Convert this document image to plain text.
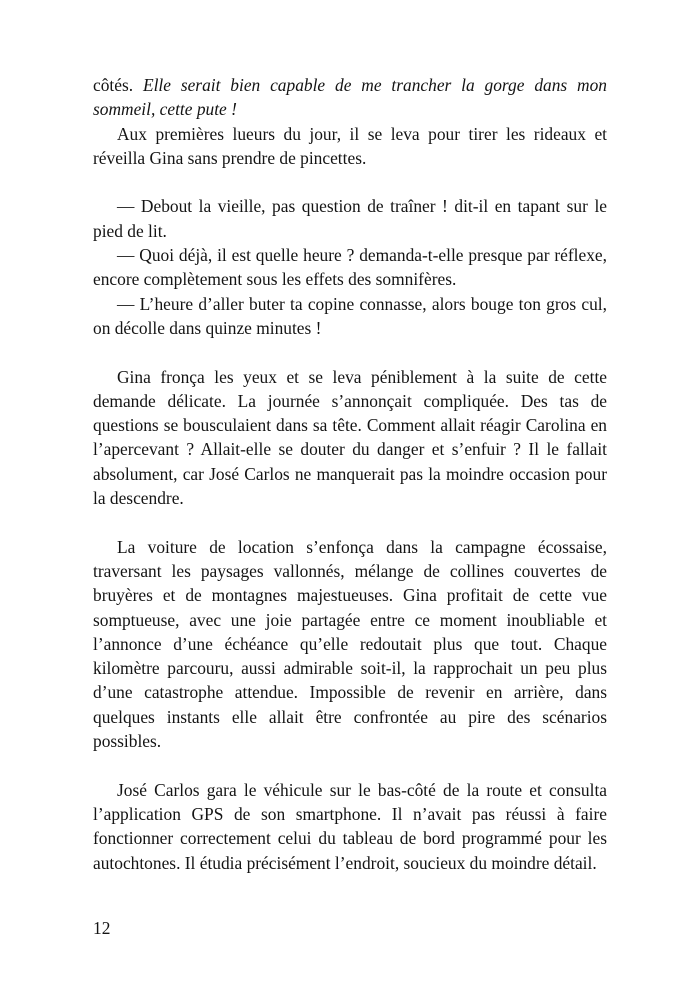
côtés. Elle serait bien capable de me trancher la gorge dans mon sommeil, cette pute !

Aux premières lueurs du jour, il se leva pour tirer les rideaux et réveilla Gina sans prendre de pincettes.

— Debout la vieille, pas question de traîner ! dit-il en tapant sur le pied de lit.

— Quoi déjà, il est quelle heure ? demanda-t-elle presque par réflexe, encore complètement sous les effets des somnifères.

— L’heure d’aller buter ta copine connasse, alors bouge ton gros cul, on décolle dans quinze minutes !

Gina fronça les yeux et se leva péniblement à la suite de cette demande délicate. La journée s’annonçait compliquée. Des tas de questions se bousculaient dans sa tête. Comment allait réagir Carolina en l’apercevant ? Allait-elle se douter du danger et s’enfuir ? Il le fallait absolument, car José Carlos ne manquerait pas la moindre occasion pour la descendre.

La voiture de location s’enfonça dans la campagne écossaise, traversant les paysages vallonnés, mélange de collines couvertes de bruyères et de montagnes majestueuses. Gina profitait de cette vue somptueuse, avec une joie partagée entre ce moment inoubliable et l’annonce d’une échéance qu’elle redoutait plus que tout. Chaque kilomètre parcouru, aussi admirable soit-il, la rapprochait un peu plus d’une catastrophe attendue. Impossible de revenir en arrière, dans quelques instants elle allait être confrontée au pire des scénarios possibles.

José Carlos gara le véhicule sur le bas-côté de la route et consulta l’application GPS de son smartphone. Il n’avait pas réussi à faire fonctionner correctement celui du tableau de bord programmé pour les autochtones. Il étudia précisément l’endroit, soucieux du moindre détail.

12
